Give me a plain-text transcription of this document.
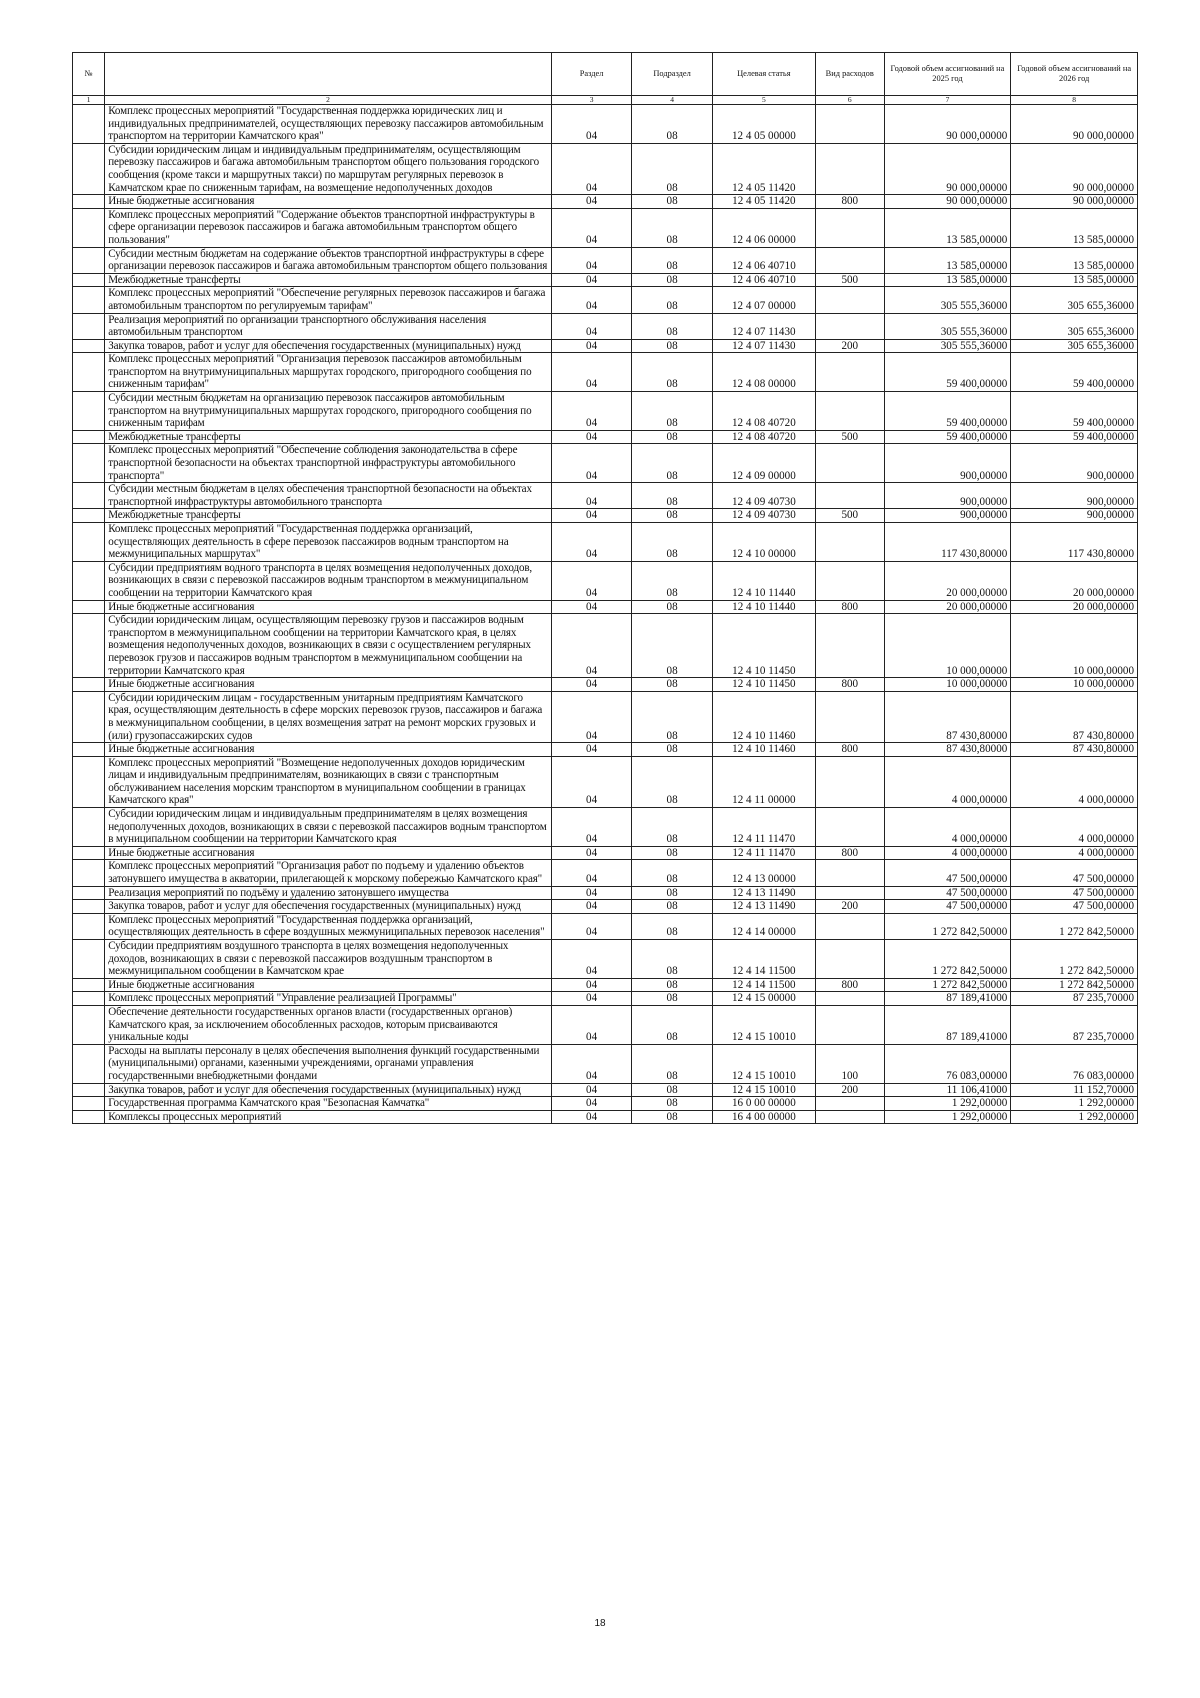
№		Раздел	Подраздел	Целевая статья	Вид расходов	Годовой объем ассигнований на 2025 год	Годовой объем ассигнований на 2026 год
1	2	3	4	5	6	7	8
	Комплекс процессных мероприятий "Государственная поддержка юридических лиц и индивидуальных предпринимателей, осуществляющих перевозку пассажиров автомобильным транспортом на территории Камчатского края"	04	08	12 4 05 00000		90 000,00000	90 000,00000
	Субсидии юридическим лицам и индивидуальным предпринимателям, осуществляющим перевозку пассажиров и багажа автомобильным транспортом общего пользования городского сообщения (кроме такси и маршрутных такси) по маршрутам регулярных перевозок в Камчатском крае по сниженным тарифам, на возмещение недополученных доходов	04	08	12 4 05 11420		90 000,00000	90 000,00000
	Иные бюджетные ассигнования	04	08	12 4 05 11420	800	90 000,00000	90 000,00000
	Комплекс процессных мероприятий "Содержание объектов транспортной инфраструктуры в сфере организации перевозок пассажиров и багажа автомобильным транспортом общего пользования"	04	08	12 4 06 00000		13 585,00000	13 585,00000
	Субсидии местным бюджетам на содержание объектов транспортной инфраструктуры в сфере организации перевозок пассажиров и багажа автомобильным транспортом общего пользования	04	08	12 4 06 40710		13 585,00000	13 585,00000
	Межбюджетные трансферты	04	08	12 4 06 40710	500	13 585,00000	13 585,00000
	Комплекс процессных мероприятий "Обеспечение регулярных перевозок пассажиров и багажа автомобильным транспортом по регулируемым тарифам"	04	08	12 4 07 00000		305 555,36000	305 655,36000
	Реализация мероприятий по организации транспортного обслуживания населения автомобильным транспортом	04	08	12 4 07 11430		305 555,36000	305 655,36000
	Закупка товаров, работ и услуг для обеспечения государственных (муниципальных) нужд	04	08	12 4 07 11430	200	305 555,36000	305 655,36000
	Комплекс процессных мероприятий "Организация перевозок пассажиров автомобильным транспортом на внутримуниципальных маршрутах городского, пригородного сообщения по сниженным тарифам"	04	08	12 4 08 00000		59 400,00000	59 400,00000
	Субсидии местным бюджетам на организацию перевозок пассажиров автомобильным транспортом на внутримуниципальных маршрутах городского, пригородного сообщения по сниженным тарифам	04	08	12 4 08 40720		59 400,00000	59 400,00000
	Межбюджетные трансферты	04	08	12 4 08 40720	500	59 400,00000	59 400,00000
	Комплекс процессных мероприятий "Обеспечение соблюдения законодательства в сфере транспортной безопасности на объектах транспортной инфраструктуры автомобильного транспорта"	04	08	12 4 09 00000		900,00000	900,00000
	Субсидии местным бюджетам в целях обеспечения транспортной безопасности на объектах транспортной инфраструктуры автомобильного транспорта	04	08	12 4 09 40730		900,00000	900,00000
	Межбюджетные трансферты	04	08	12 4 09 40730	500	900,00000	900,00000
	Комплекс процессных мероприятий "Государственная поддержка организаций, осуществляющих деятельность в сфере перевозок пассажиров водным транспортом на межмуниципальных маршрутах"	04	08	12 4 10 00000		117 430,80000	117 430,80000
	Субсидии предприятиям водного транспорта в целях возмещения недополученных доходов, возникающих в связи с перевозкой пассажиров водным транспортом в межмуниципальном сообщении на территории Камчатского края	04	08	12 4 10 11440		20 000,00000	20 000,00000
	Иные бюджетные ассигнования	04	08	12 4 10 11440	800	20 000,00000	20 000,00000
	Субсидии юридическим лицам, осуществляющим перевозку грузов и пассажиров водным транспортом в межмуниципальном сообщении на территории Камчатского края, в целях возмещения недополученных доходов, возникающих в связи с осуществлением регулярных перевозок грузов и пассажиров водным транспортом в межмуниципальном сообщении на территории Камчатского края	04	08	12 4 10 11450		10 000,00000	10 000,00000
	Иные бюджетные ассигнования	04	08	12 4 10 11450	800	10 000,00000	10 000,00000
	Субсидии юридическим лицам - государственным унитарным предприятиям Камчатского края, осуществляющим деятельность в сфере морских перевозок грузов, пассажиров и багажа в межмуниципальном сообщении, в целях возмещения затрат на ремонт морских грузовых и (или) грузопассажирских судов	04	08	12 4 10 11460		87 430,80000	87 430,80000
	Иные бюджетные ассигнования	04	08	12 4 10 11460	800	87 430,80000	87 430,80000
	Комплекс процессных мероприятий "Возмещение недополученных доходов юридическим лицам и индивидуальным предпринимателям, возникающих в связи с транспортным обслуживанием населения морским транспортом в муниципальном сообщении в границах Камчатского края"	04	08	12 4 11 00000		4 000,00000	4 000,00000
	Субсидии юридическим лицам и индивидуальным предпринимателям в целях возмещения недополученных доходов, возникающих в связи с перевозкой пассажиров водным транспортом в муниципальном сообщении на территории Камчатского края	04	08	12 4 11 11470		4 000,00000	4 000,00000
	Иные бюджетные ассигнования	04	08	12 4 11 11470	800	4 000,00000	4 000,00000
	Комплекс процессных мероприятий "Организация работ по подъему и удалению объектов затонувшего имущества в акватории, прилегающей к морскому побережью Камчатского края"	04	08	12 4 13 00000		47 500,00000	47 500,00000
	Реализация мероприятий по подъёму и удалению затонувшего имущества	04	08	12 4 13 11490		47 500,00000	47 500,00000
	Закупка товаров, работ и услуг для обеспечения государственных (муниципальных) нужд	04	08	12 4 13 11490	200	47 500,00000	47 500,00000
	Комплекс процессных мероприятий "Государственная поддержка организаций, осуществляющих деятельность в сфере воздушных межмуниципальных перевозок населения"	04	08	12 4 14 00000		1 272 842,50000	1 272 842,50000
	Субсидии предприятиям воздушного транспорта в целях возмещения недополученных доходов, возникающих в связи с перевозкой пассажиров воздушным транспортом в межмуниципальном сообщении в Камчатском крае	04	08	12 4 14 11500		1 272 842,50000	1 272 842,50000
	Иные бюджетные ассигнования	04	08	12 4 14 11500	800	1 272 842,50000	1 272 842,50000
	Комплекс процессных мероприятий "Управление реализацией Программы"	04	08	12 4 15 00000		87 189,41000	87 235,70000
	Обеспечение деятельности государственных органов власти (государственных органов) Камчатского края, за исключением обособленных расходов, которым присваиваются уникальные коды	04	08	12 4 15 10010		87 189,41000	87 235,70000
	Расходы на выплаты персоналу в целях обеспечения выполнения функций государственными (муниципальными) органами, казенными учреждениями, органами управления государственными внебюджетными фондами	04	08	12 4 15 10010	100	76 083,00000	76 083,00000
	Закупка товаров, работ и услуг для обеспечения государственных (муниципальных) нужд	04	08	12 4 15 10010	200	11 106,41000	11 152,70000
	Государственная программа Камчатского края "Безопасная Камчатка"	04	08	16 0 00 00000		1 292,00000	1 292,00000
	Комплексы процессных мероприятий	04	08	16 4 00 00000		1 292,00000	1 292,00000
18
